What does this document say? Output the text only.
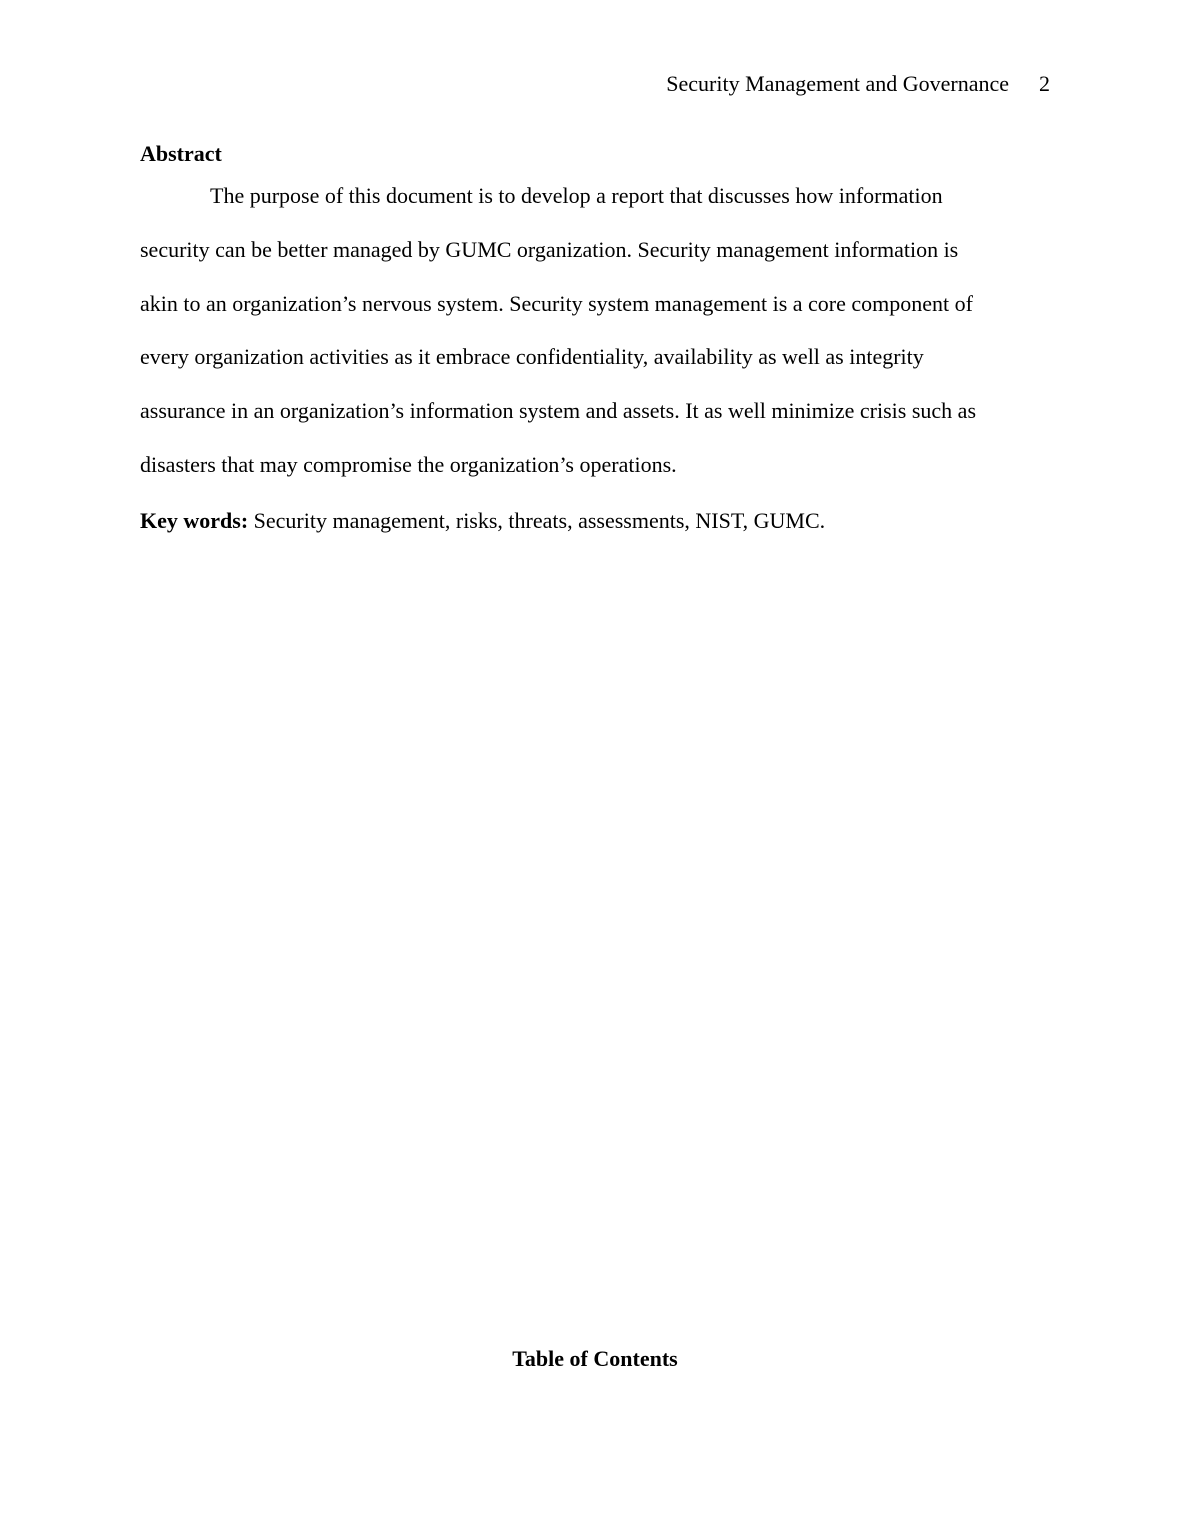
Security Management and Governance 2
Abstract
The purpose of this document is to develop a report that discusses how information
security can be better managed by GUMC organization. Security management information is
akin to an organization’s nervous system. Security system management is a core component of
every organization activities as it embrace confidentiality, availability as well as integrity
assurance in an organization’s information system and assets. It as well minimize crisis such as
disasters that may compromise the organization’s operations.
Key words: Security management, risks, threats, assessments, NIST, GUMC.
Table of Contents
